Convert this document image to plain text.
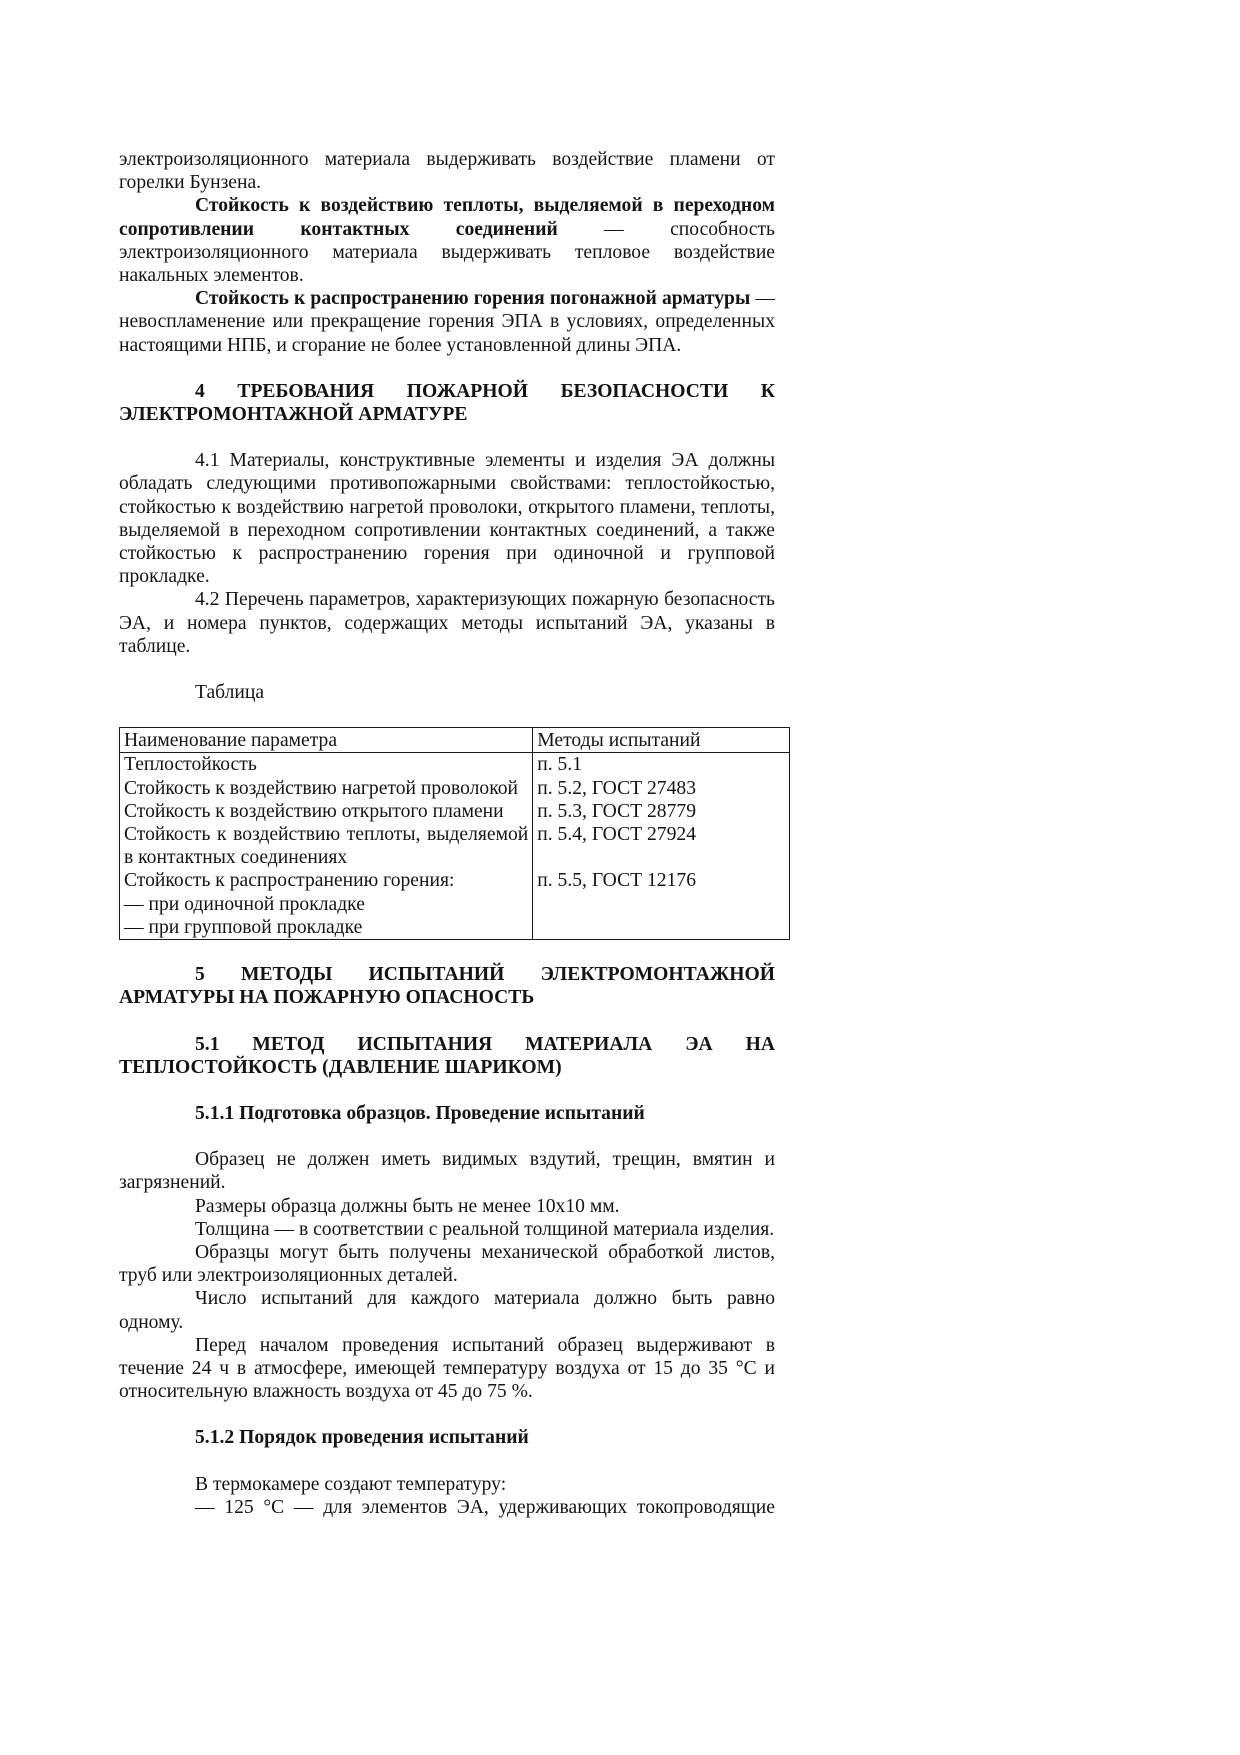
электроизоляционного материала выдерживать воздействие пламени от горелки Бунзена.

Стойкость к воздействию теплоты, выделяемой в переходном сопротивлении контактных соединений — способность электроизоляционного материала выдерживать тепловое воздействие накальных элементов.

Стойкость к распространению горения погонажной арматуры — невоспламенение или прекращение горения ЭПА в условиях, определенных настоящими НПБ, и сгорание не более установленной длины ЭПА.

4 ТРЕБОВАНИЯ ПОЖАРНОЙ БЕЗОПАСНОСТИ К ЭЛЕКТРОМОНТАЖНОЙ АРМАТУРЕ

4.1 Материалы, конструктивные элементы и изделия ЭА должны обладать следующими противопожарными свойствами: теплостойкостью, стойкостью к воздействию нагретой проволоки, открытого пламени, теплоты, выделяемой в переходном сопротивлении контактных соединений, а также стойкостью к распространению горения при одиночной и групповой прокладке.

4.2 Перечень параметров, характеризующих пожарную безопасность ЭА, и номера пунктов, содержащих методы испытаний ЭА, указаны в таблице.

Таблица

Наименование параметра	Методы испытаний
Теплостойкость	п. 5.1
Стойкость к воздействию нагретой проволокой	п. 5.2, ГОСТ 27483
Стойкость к воздействию открытого пламени	п. 5.3, ГОСТ 28779
Стойкость к воздействию теплоты, выделяемой в контактных соединениях	п. 5.4, ГОСТ 27924
Стойкость к распространению горения:	п. 5.5, ГОСТ 12176
— при одиночной прокладке	
— при групповой прокладке	

5 МЕТОДЫ ИСПЫТАНИЙ ЭЛЕКТРОМОНТАЖНОЙ АРМАТУРЫ НА ПОЖАРНУЮ ОПАСНОСТЬ

5.1 МЕТОД ИСПЫТАНИЯ МАТЕРИАЛА ЭА НА ТЕПЛОСТОЙКОСТЬ (ДАВЛЕНИЕ ШАРИКОМ)

5.1.1 Подготовка образцов. Проведение испытаний

Образец не должен иметь видимых вздутий, трещин, вмятин и загрязнений.

Размеры образца должны быть не менее 10х10 мм.

Толщина — в соответствии с реальной толщиной материала изделия.

Образцы могут быть получены механической обработкой листов, труб или электроизоляционных деталей.

Число испытаний для каждого материала должно быть равно одному.

Перед началом проведения испытаний образец выдерживают в течение 24 ч в атмосфере, имеющей температуру воздуха от 15 до 35 °С и относительную влажность воздуха от 45 до 75 %.

5.1.2 Порядок проведения испытаний

В термокамере создают температуру:

— 125 °С — для элементов ЭА, удерживающих токопроводящие
